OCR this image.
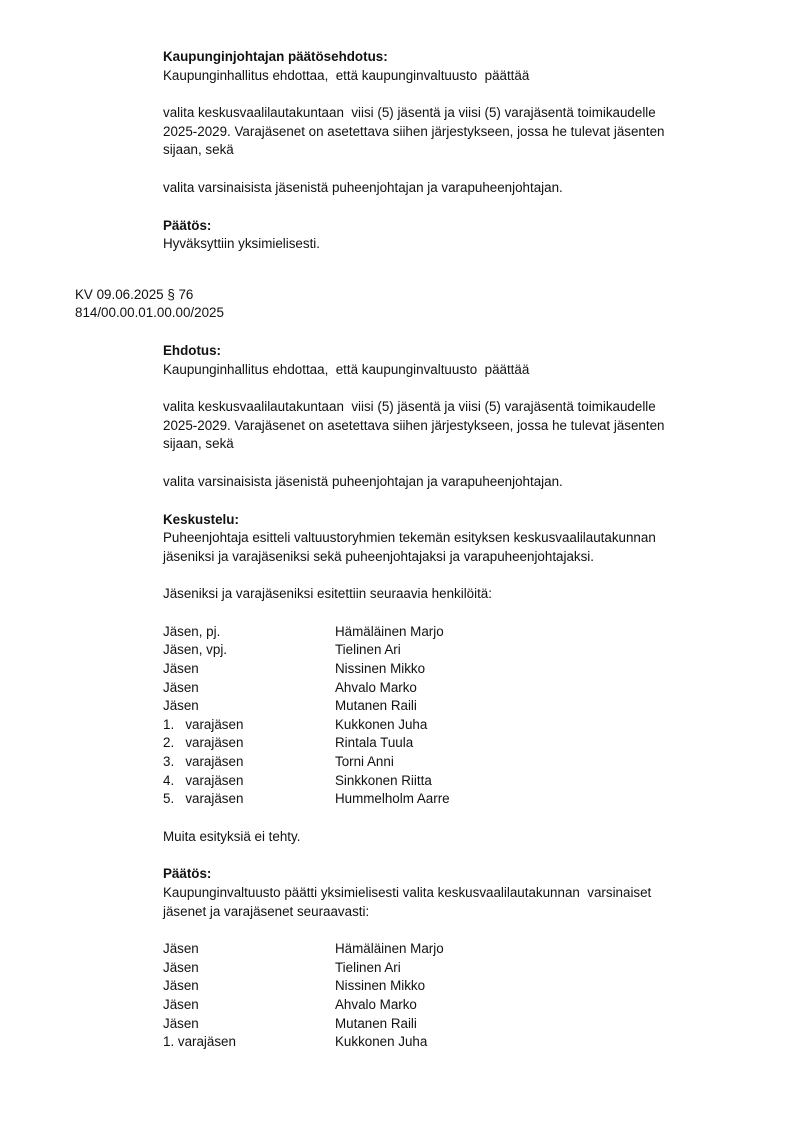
Kaupunginjohtajan päätösehdotus:
Kaupunginhallitus ehdottaa,  että kaupunginvaltuusto  päättää
valita keskusvaalilautakuntaan  viisi (5) jäsentä ja viisi (5) varajäsentä toimikaudelle
2025-2029. Varajäsenet on asetettava siihen järjestykseen, jossa he tulevat jäsenten
sijaan, sekä
valita varsinaisista jäsenistä puheenjohtajan ja varapuheenjohtajan.
Päätös:
Hyväksyttiin yksimielisesti.
KV 09.06.2025 § 76
814/00.00.01.00.00/2025
Ehdotus:
Kaupunginhallitus ehdottaa,  että kaupunginvaltuusto  päättää
valita keskusvaalilautakuntaan  viisi (5) jäsentä ja viisi (5) varajäsentä toimikaudelle
2025-2029. Varajäsenet on asetettava siihen järjestykseen, jossa he tulevat jäsenten
sijaan, sekä
valita varsinaisista jäsenistä puheenjohtajan ja varapuheenjohtajan.
Keskustelu:
Puheenjohtaja esitteli valtuustoryhmien tekemän esityksen keskusvaalilautakunnan
jäseniksi ja varajäseniksi sekä puheenjohtajaksi ja varapuheenjohtajaksi.
Jäseniksi ja varajäseniksi esitettiin seuraavia henkilöitä:
Jäsen, pj.	Hämäläinen Marjo
Jäsen, vpj.	Tielinen Ari
Jäsen	Nissinen Mikko
Jäsen	Ahvalo Marko
Jäsen	Mutanen Raili
1.   varajäsen	Kukkonen Juha
2.   varajäsen	Rintala Tuula
3.   varajäsen	Torni Anni
4.   varajäsen	Sinkkonen Riitta
5.   varajäsen	Hummelholm Aarre
Muita esityksiä ei tehty.
Päätös:
Kaupunginvaltuusto päätti yksimielisesti valita keskusvaalilautakunnan  varsinaiset
jäsenet ja varajäsenet seuraavasti:
Jäsen	Hämäläinen Marjo
Jäsen	Tielinen Ari
Jäsen	Nissinen Mikko
Jäsen	Ahvalo Marko
Jäsen	Mutanen Raili
1. varajäsen	Kukkonen Juha
